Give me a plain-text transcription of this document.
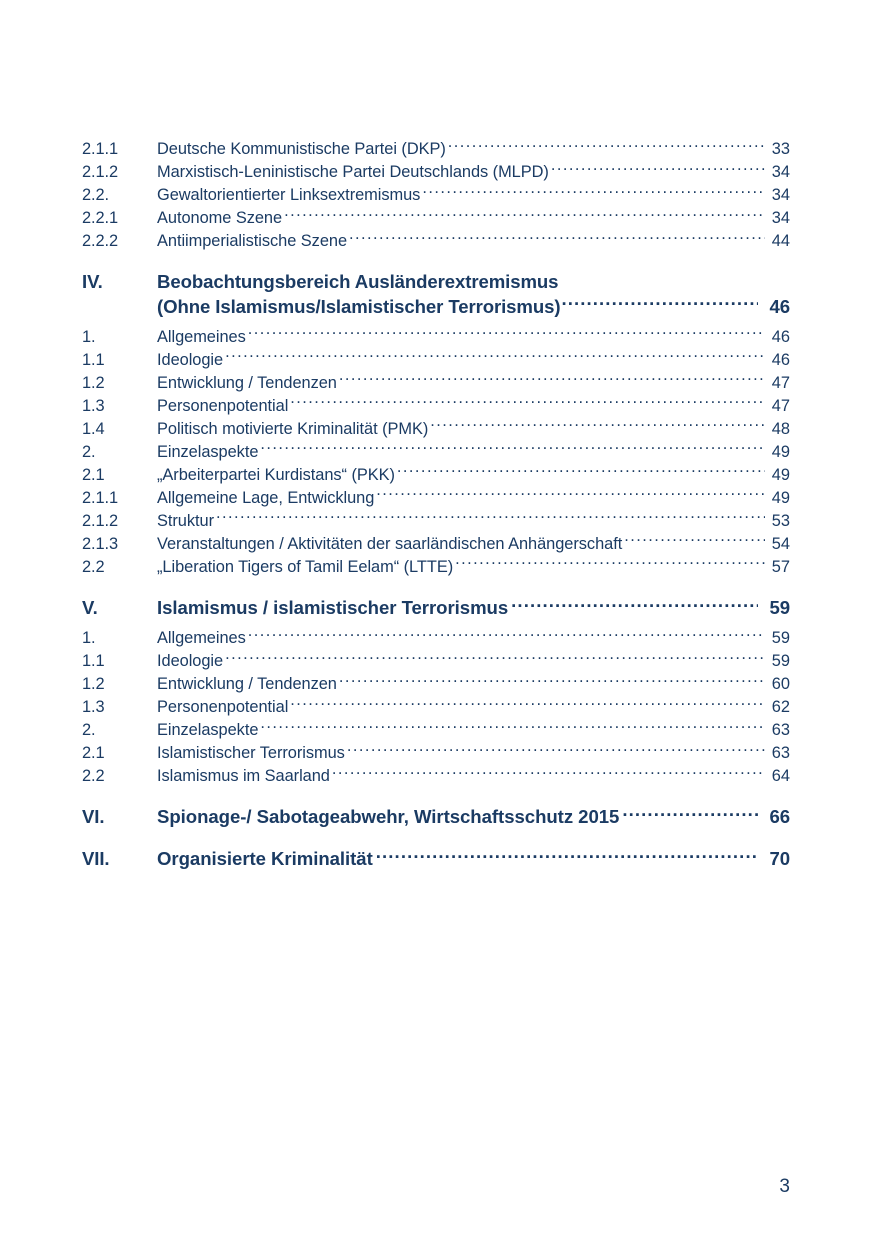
2.1.1	Deutsche Kommunistische Partei (DKP) .....	33
2.1.2	Marxistisch-Leninistische Partei Deutschlands (MLPD) .....	34
2.2.	Gewaltorientierter Linksextremismus .....	34
2.2.1	Autonome Szene .....	34
2.2.2	Antiimperialistische Szene .....	44
IV.	Beobachtungsbereich Ausländerextremismus
(Ohne Islamismus/Islamistischer Terrorismus) .....	46
1.	Allgemeines .....	46
1.1	Ideologie .....	46
1.2	Entwicklung / Tendenzen .....	47
1.3	Personenpotential .....	47
1.4	Politisch motivierte Kriminalität (PMK) .....	48
2.	Einzelaspekte .....	49
2.1	„Arbeiterpartei Kurdistans“ (PKK) .....	49
2.1.1	Allgemeine Lage, Entwicklung .....	49
2.1.2	Struktur .....	53
2.1.3	Veranstaltungen / Aktivitäten der saarländischen Anhängerschaft .....	54
2.2	„Liberation Tigers of Tamil Eelam“ (LTTE) .....	57
V.	Islamismus / islamistischer Terrorismus .....	59
1.	Allgemeines .....	59
1.1	Ideologie .....	59
1.2	Entwicklung / Tendenzen .....	60
1.3	Personenpotential .....	62
2.	Einzelaspekte .....	63
2.1	Islamistischer Terrorismus .....	63
2.2	Islamismus im Saarland .....	64
VI.	Spionage-/ Sabotageabwehr, Wirtschaftsschutz 2015 .....	66
VII.	Organisierte Kriminalität .....	70
3
